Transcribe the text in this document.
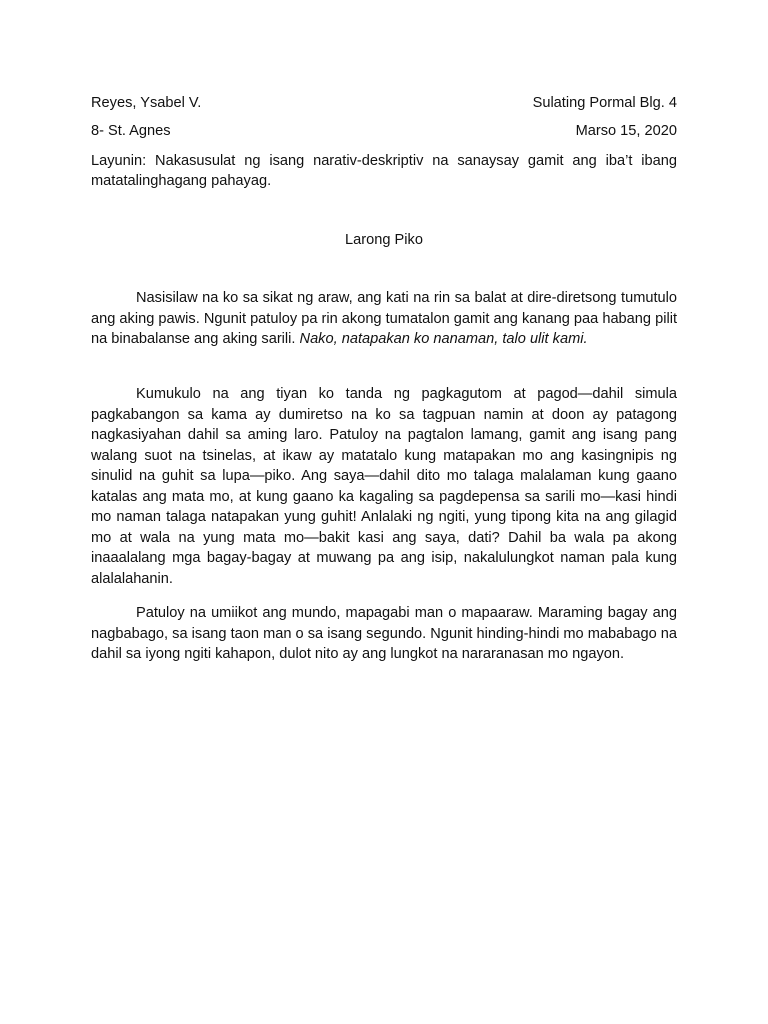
Reyes, Ysabel V.	Sulating Pormal Blg. 4
8- St. Agnes	Marso 15, 2020

Layunin: Nakasusulat ng isang narativ-deskriptiv na sanaysay gamit ang iba’t ibang matatalinghagang pahayag.

Larong Piko

Nasisilaw na ko sa sikat ng araw, ang kati na rin sa balat at dire-diretsong tumutulo ang aking pawis. Ngunit patuloy pa rin akong tumatalon gamit ang kanang paa habang pilit na binabalanse ang aking sarili. Nako, natapakan ko nanaman, talo ulit kami.

Kumukulo na ang tiyan ko tanda ng pagkagutom at pagod—dahil simula pagkabangon sa kama ay dumiretso na ko sa tagpuan namin at doon ay patagong nagkasiyahan dahil sa aming laro. Patuloy na pagtalon lamang, gamit ang isang pang walang suot na tsinelas, at ikaw ay matatalo kung matapakan mo ang kasingnipis ng sinulid na guhit sa lupa—piko. Ang saya—dahil dito mo talaga malalaman kung gaano katalas ang mata mo, at kung gaano ka kagaling sa pagdepensa sa sarili mo—kasi hindi mo naman talaga natapakan yung guhit! Anlalaki ng ngiti, yung tipong kita na ang gilagid mo at wala na yung mata mo—bakit kasi ang saya, dati? Dahil ba wala pa akong inaaalalang mga bagay-bagay at muwang pa ang isip, nakalulungkot naman pala kung alalalahanin.

Patuloy na umiikot ang mundo, mapagabi man o mapaaraw. Maraming bagay ang nagbabago, sa isang taon man o sa isang segundo. Ngunit hinding-hindi mo mababago na dahil sa iyong ngiti kahapon, dulot nito ay ang lungkot na nararanasan mo ngayon.
